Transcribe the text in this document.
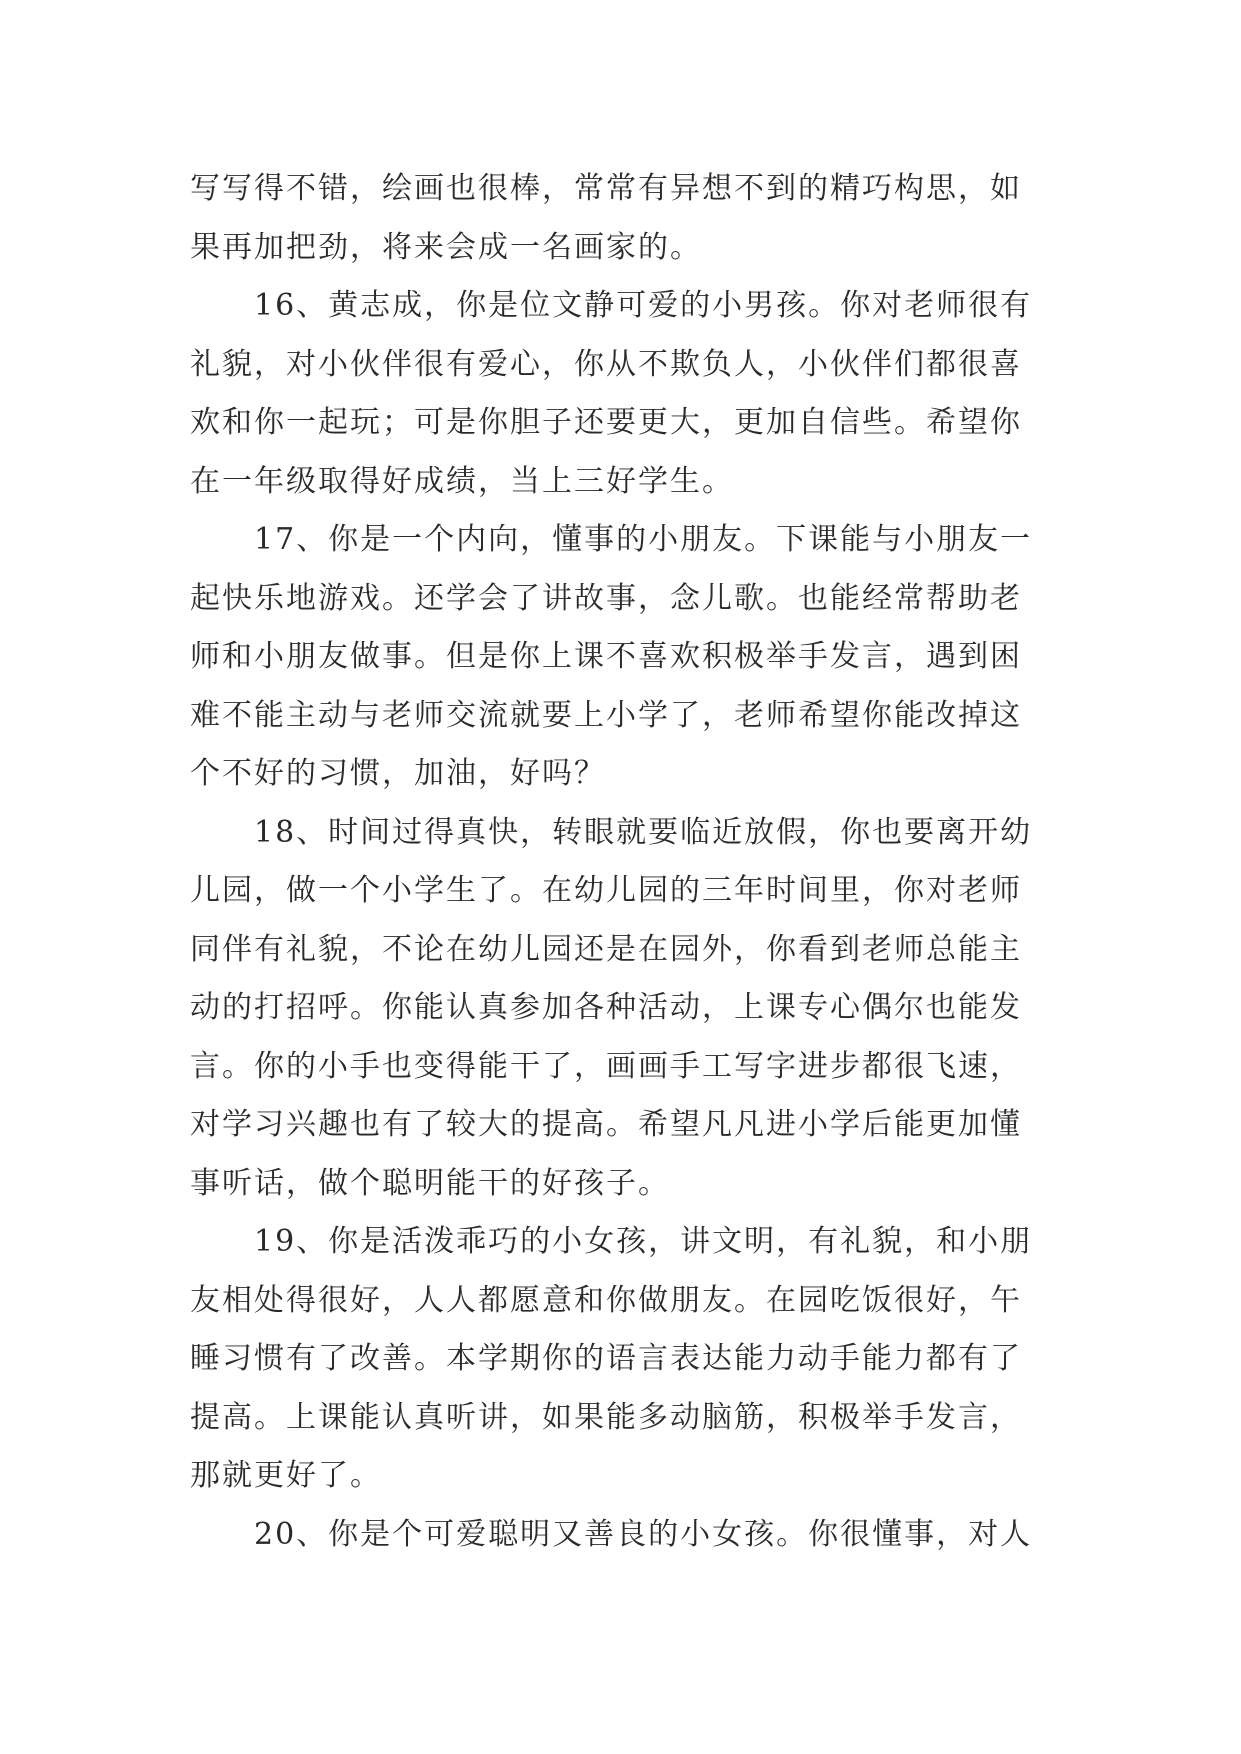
写写得不错，绘画也很棒，常常有异想不到的精巧构思，如
果再加把劲，将来会成一名画家的。
16、黄志成，你是位文静可爱的小男孩。你对老师很有
礼貌，对小伙伴很有爱心，你从不欺负人，小伙伴们都很喜
欢和你一起玩；可是你胆子还要更大，更加自信些。希望你
在一年级取得好成绩，当上三好学生。
17、你是一个内向，懂事的小朋友。下课能与小朋友一
起快乐地游戏。还学会了讲故事，念儿歌。也能经常帮助老
师和小朋友做事。但是你上课不喜欢积极举手发言，遇到困
难不能主动与老师交流就要上小学了，老师希望你能改掉这
个不好的习惯，加油，好吗？
18、时间过得真快，转眼就要临近放假，你也要离开幼
儿园，做一个小学生了。在幼儿园的三年时间里，你对老师
同伴有礼貌，不论在幼儿园还是在园外，你看到老师总能主
动的打招呼。你能认真参加各种活动，上课专心偶尔也能发
言。你的小手也变得能干了，画画手工写字进步都很飞速，
对学习兴趣也有了较大的提高。希望凡凡进小学后能更加懂
事听话，做个聪明能干的好孩子。
19、你是活泼乖巧的小女孩，讲文明，有礼貌，和小朋
友相处得很好，人人都愿意和你做朋友。在园吃饭很好，午
睡习惯有了改善。本学期你的语言表达能力动手能力都有了
提高。上课能认真听讲，如果能多动脑筋，积极举手发言，
那就更好了。
20、你是个可爱聪明又善良的小女孩。你很懂事，对人
